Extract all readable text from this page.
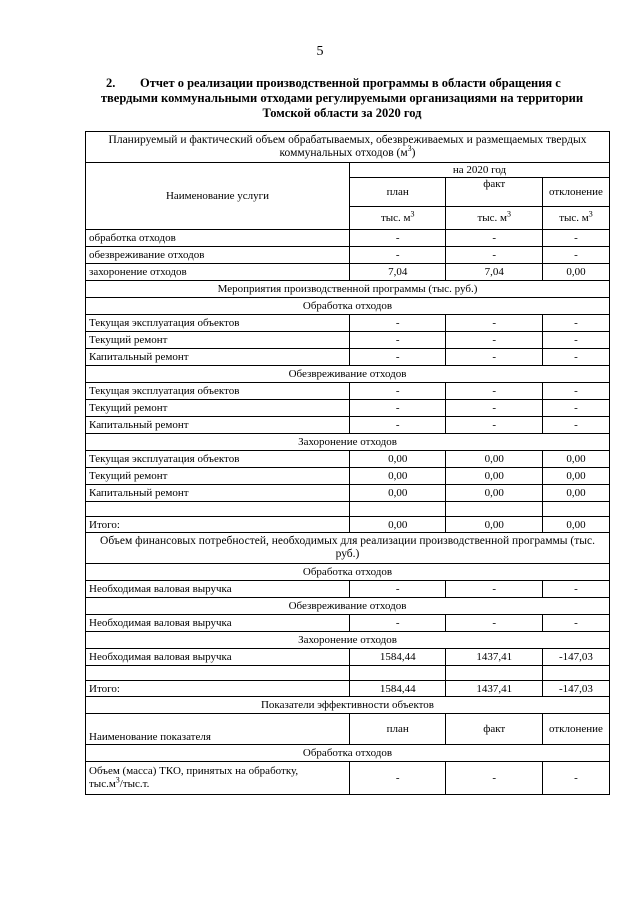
5
2. Отчет о реализации производственной программы в области обращения с
твердыми коммунальными отходами регулируемыми организациями на территории
Томской области за 2020 год
Планируемый и фактический объем обрабатываемых, обезвреживаемых и размещаемых твердых коммунальных отходов $(м^3)$			
Наименование услуги	на 2020 год		
	план	факт	отклонение
	тыс. $м^3$	тыс. $м^3$	тыс. $м^3$
обработка отходов	-	-	-
обезвреживание отходов	-	-	-
захоронение отходов	7,04	7,04	0,00
Мероприятия производственной программы (тыс. руб.)			
Обработка отходов			
Текущая эксплуатация объектов	-	-	-
Текущий ремонт	-	-	-
Капитальный ремонт	-	-	-
Обезвреживание отходов			
Текущая эксплуатация объектов	-	-	-
Текущий ремонт	-	-	-
Капитальный ремонт	-	-	-
Захоронение отходов			
Текущая эксплуатация объектов	0,00	0,00	0,00
Текущий ремонт	0,00	0,00	0,00
Капитальный ремонт	0,00	0,00	0,00

Итого:	0,00	0,00	0,00
Объем финансовых потребностей, необходимых для реализации производственной программы (тыс. руб.)			
Обработка отходов			
Необходимая валовая выручка	-	-	-
Обезвреживание отходов			
Необходимая валовая выручка	-	-	-
Захоронение отходов			
Необходимая валовая выручка	1584,44	1437,41	-147,03

Итого:	1584,44	1437,41	-147,03
Показатели эффективности объектов			
Наименование показателя	план	факт	отклонение
Обработка отходов			
Объем (масса) ТКО, принятых на обработку,
$тыс.м^3/тыс.т$.	-	-	-
